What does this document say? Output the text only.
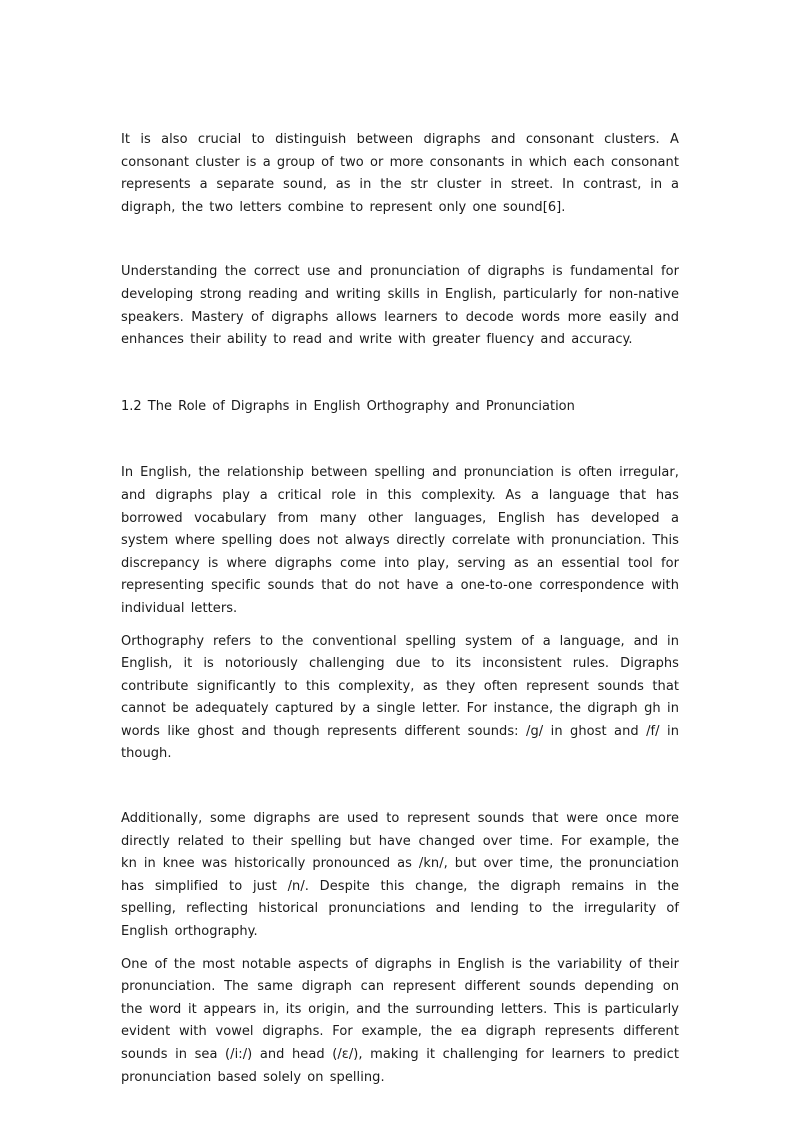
It is also crucial to distinguish between digraphs and consonant clusters. A consonant cluster is a group of two or more consonants in which each consonant represents a separate sound, as in the str cluster in street. In contrast, in a digraph, the two letters combine to represent only one sound[6].

Understanding the correct use and pronunciation of digraphs is fundamental for developing strong reading and writing skills in English, particularly for non-native speakers. Mastery of digraphs allows learners to decode words more easily and enhances their ability to read and write with greater fluency and accuracy.

1.2 The Role of Digraphs in English Orthography and Pronunciation

In English, the relationship between spelling and pronunciation is often irregular, and digraphs play a critical role in this complexity. As a language that has borrowed vocabulary from many other languages, English has developed a system where spelling does not always directly correlate with pronunciation. This discrepancy is where digraphs come into play, serving as an essential tool for representing specific sounds that do not have a one-to-one correspondence with individual letters.

Orthography refers to the conventional spelling system of a language, and in English, it is notoriously challenging due to its inconsistent rules. Digraphs contribute significantly to this complexity, as they often represent sounds that cannot be adequately captured by a single letter. For instance, the digraph gh in words like ghost and though represents different sounds: /g/ in ghost and /f/ in though.

Additionally, some digraphs are used to represent sounds that were once more directly related to their spelling but have changed over time. For example, the kn in knee was historically pronounced as /kn/, but over time, the pronunciation has simplified to just /n/. Despite this change, the digraph remains in the spelling, reflecting historical pronunciations and lending to the irregularity of English orthography.

One of the most notable aspects of digraphs in English is the variability of their pronunciation. The same digraph can represent different sounds depending on the word it appears in, its origin, and the surrounding letters. This is particularly evident with vowel digraphs. For example, the ea digraph represents different sounds in sea (/i:/) and head (/ɛ/), making it challenging for learners to predict pronunciation based solely on spelling.
